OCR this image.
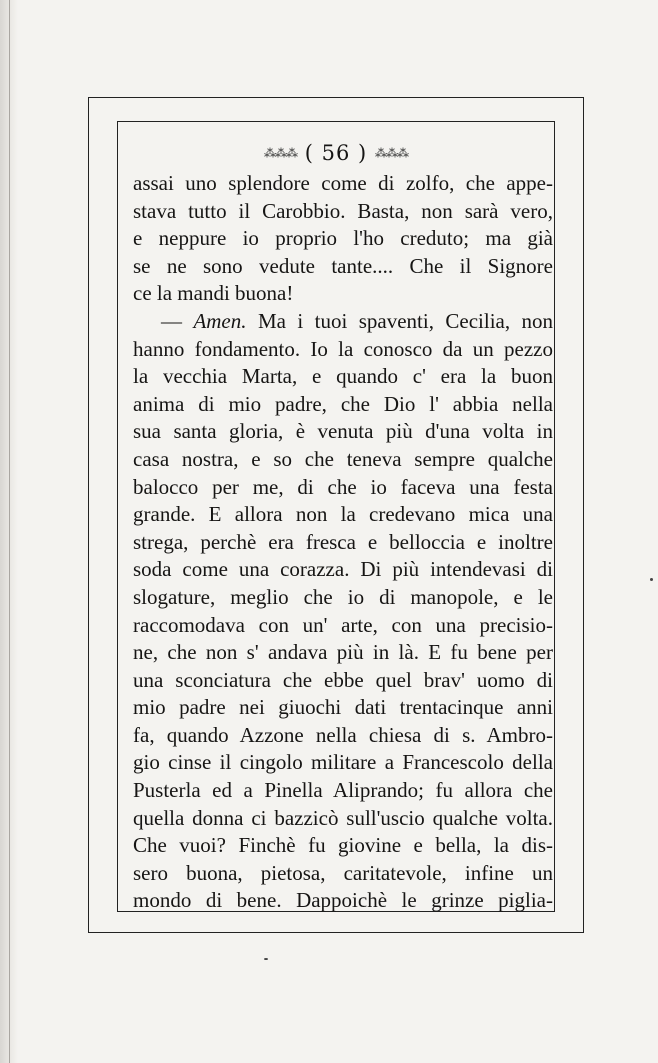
⁂⁂⁂ ( 56 ) ⁂⁂⁂
assai uno splendore come di zolfo, che appe-
stava tutto il Carobbio. Basta, non sarà vero,
e neppure io proprio l'ho creduto; ma già
se ne sono vedute tante.... Che il Signore
ce la mandi buona!
— Amen. Ma i tuoi spaventi, Cecilia, non
hanno fondamento. Io la conosco da un pezzo
la vecchia Marta, e quando c' era la buon
anima di mio padre, che Dio l' abbia nella
sua santa gloria, è venuta più d'una volta in
casa nostra, e so che teneva sempre qualche
balocco per me, di che io faceva una festa
grande. E allora non la credevano mica una
strega, perchè era fresca e belloccia e inoltre
soda come una corazza. Di più intendevasi di
slogature, meglio che io di manopole, e le
raccomodava con un' arte, con una precisio-
ne, che non s' andava più in là. E fu bene per
una sconciatura che ebbe quel brav' uomo di
mio padre nei giuochi dati trentacinque anni
fa, quando Azzone nella chiesa di s. Ambro-
gio cinse il cingolo militare a Francescolo della
Pusterla ed a Pinella Aliprando; fu allora che
quella donna ci bazzicò sull'uscio qualche volta.
Che vuoi? Finchè fu giovine e bella, la dis-
sero buona, pietosa, caritatevole, infine un
mondo di bene. Dappoichè le grinze piglia-
